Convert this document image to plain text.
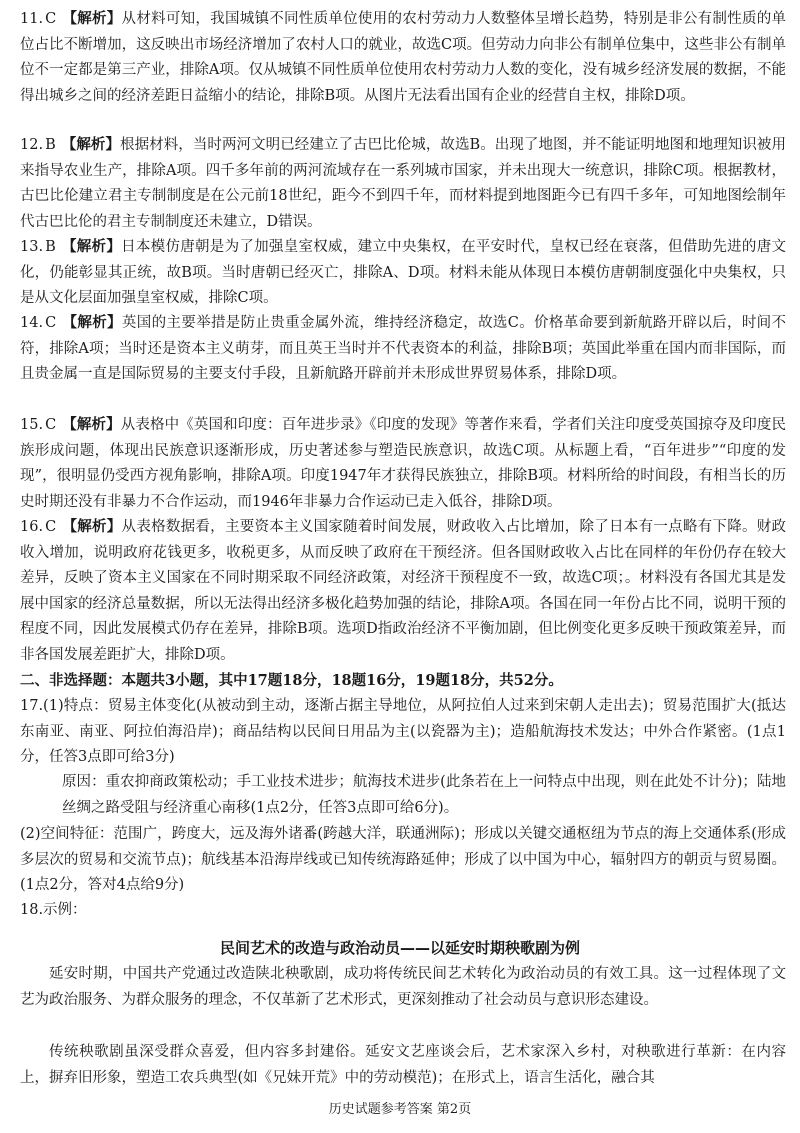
11. C 【解析】从材料可知，我国城镇不同性质单位使用的农村劳动力人数整体呈增长趋势，特别是非公有制性质的单位占比不断增加，这反映出市场经济增加了农村人口的就业，故选C项。但劳动力向非公有制单位集中，这些非公有制单位不一定都是第三产业，排除A项。仅从城镇不同性质单位使用农村劳动力人数的变化，没有城乡经济发展的数据，不能得出城乡之间的经济差距日益缩小的结论，排除B项。从图片无法看出国有企业的经营自主权，排除D项。

12. B 【解析】根据材料，当时两河文明已经建立了古巴比伦城，故选B。出现了地图，并不能证明地图和地理知识被用来指导农业生产，排除A项。四千多年前的两河流域存在一系列城市国家，并未出现大一统意识，排除C项。根据教材，古巴比伦建立君主专制制度是在公元前18世纪，距今不到四千年，而材料提到地图距今已有四千多年，可知地图绘制年代古巴比伦的君主专制制度还未建立，D错误。

13. B 【解析】日本模仿唐朝是为了加强皇室权威，建立中央集权，在平安时代，皇权已经在衰落，但借助先进的唐文化，仍能彰显其正统，故B项。当时唐朝已经灭亡，排除A、D项。材料未能从体现日本模仿唐朝制度强化中央集权，只是从文化层面加强皇室权威，排除C项。

14. C 【解析】英国的主要举措是防止贵重金属外流，维持经济稳定，故选C。价格革命要到新航路开辟以后，时间不符，排除A项；当时还是资本主义萌芽，而且英王当时并不代表资本的利益，排除B项；英国此举重在国内而非国际，而且贵金属一直是国际贸易的主要支付手段，且新航路开辟前并未形成世界贸易体系，排除D项。

15. C 【解析】从表格中《英国和印度：百年进步录》《印度的发现》等著作来看，学者们关注印度受英国掠夺及印度民族形成问题，体现出民族意识逐渐形成，历史著述参与塑造民族意识，故选C项。从标题上看，“百年进步”“印度的发现”，很明显仍受西方视角影响，排除A项。印度1947年才获得民族独立，排除B项。材料所给的时间段，有相当长的历史时期还没有非暴力不合作运动，而1946年非暴力合作运动已走入低谷，排除D项。

16. C 【解析】从表格数据看，主要资本主义国家随着时间发展，财政收入占比增加，除了日本有一点略有下降。财政收入增加，说明政府花钱更多，收税更多，从而反映了政府在干预经济。但各国财政收入占比在同样的年份仍存在较大差异，反映了资本主义国家在不同时期采取不同经济政策，对经济干预程度不一致，故选C项；。材料没有各国尤其是发展中国家的经济总量数据，所以无法得出经济多极化趋势加强的结论，排除A项。各国在同一年份占比不同，说明干预的程度不同，因此发展模式仍存在差异，排除B项。选项D指政治经济不平衡加剧，但比例变化更多反映干预政策差异，而非各国发展差距扩大，排除D项。

二、非选择题：本题共3小题，其中17题18分，18题16分，19题18分，共52分。

17.(1)特点：贸易主体变化(从被动到主动，逐渐占据主导地位，从阿拉伯人过来到宋朝人走出去)；贸易范围扩大(抵达东南亚、南亚、阿拉伯海沿岸)；商品结构以民间日用品为主(以瓷器为主)；造船航海技术发达；中外合作紧密。(1点1分，任答3点即可给3分)

原因：重农抑商政策松动；手工业技术进步；航海技术进步(此条若在上一问特点中出现，则在此处不计分)；陆地丝绸之路受阻与经济重心南移(1点2分，任答3点即可给6分)。

(2)空间特征：范围广，跨度大，远及海外诸番(跨越大洋，联通洲际)；形成以关键交通枢纽为节点的海上交通体系(形成多层次的贸易和交流节点)；航线基本沿海岸线或已知传统海路延伸；形成了以中国为中心，辐射四方的朝贡与贸易圈。(1点2分，答对4点给9分)

18.示例：

民间艺术的改造与政治动员——以延安时期秧歌剧为例

延安时期，中国共产党通过改造陕北秧歌剧，成功将传统民间艺术转化为政治动员的有效工具。这一过程体现了文艺为政治服务、为群众服务的理念，不仅革新了艺术形式，更深刻推动了社会动员与意识形态建设。

传统秧歌剧虽深受群众喜爱，但内容多封建俗。延安文艺座谈会后，艺术家深入乡村，对秧歌进行革新：在内容上，摒弃旧形象，塑造工农兵典型(如《兄妹开荒》中的劳动模范)；在形式上，语言生活化，融合其

历史试题参考答案 第2页
